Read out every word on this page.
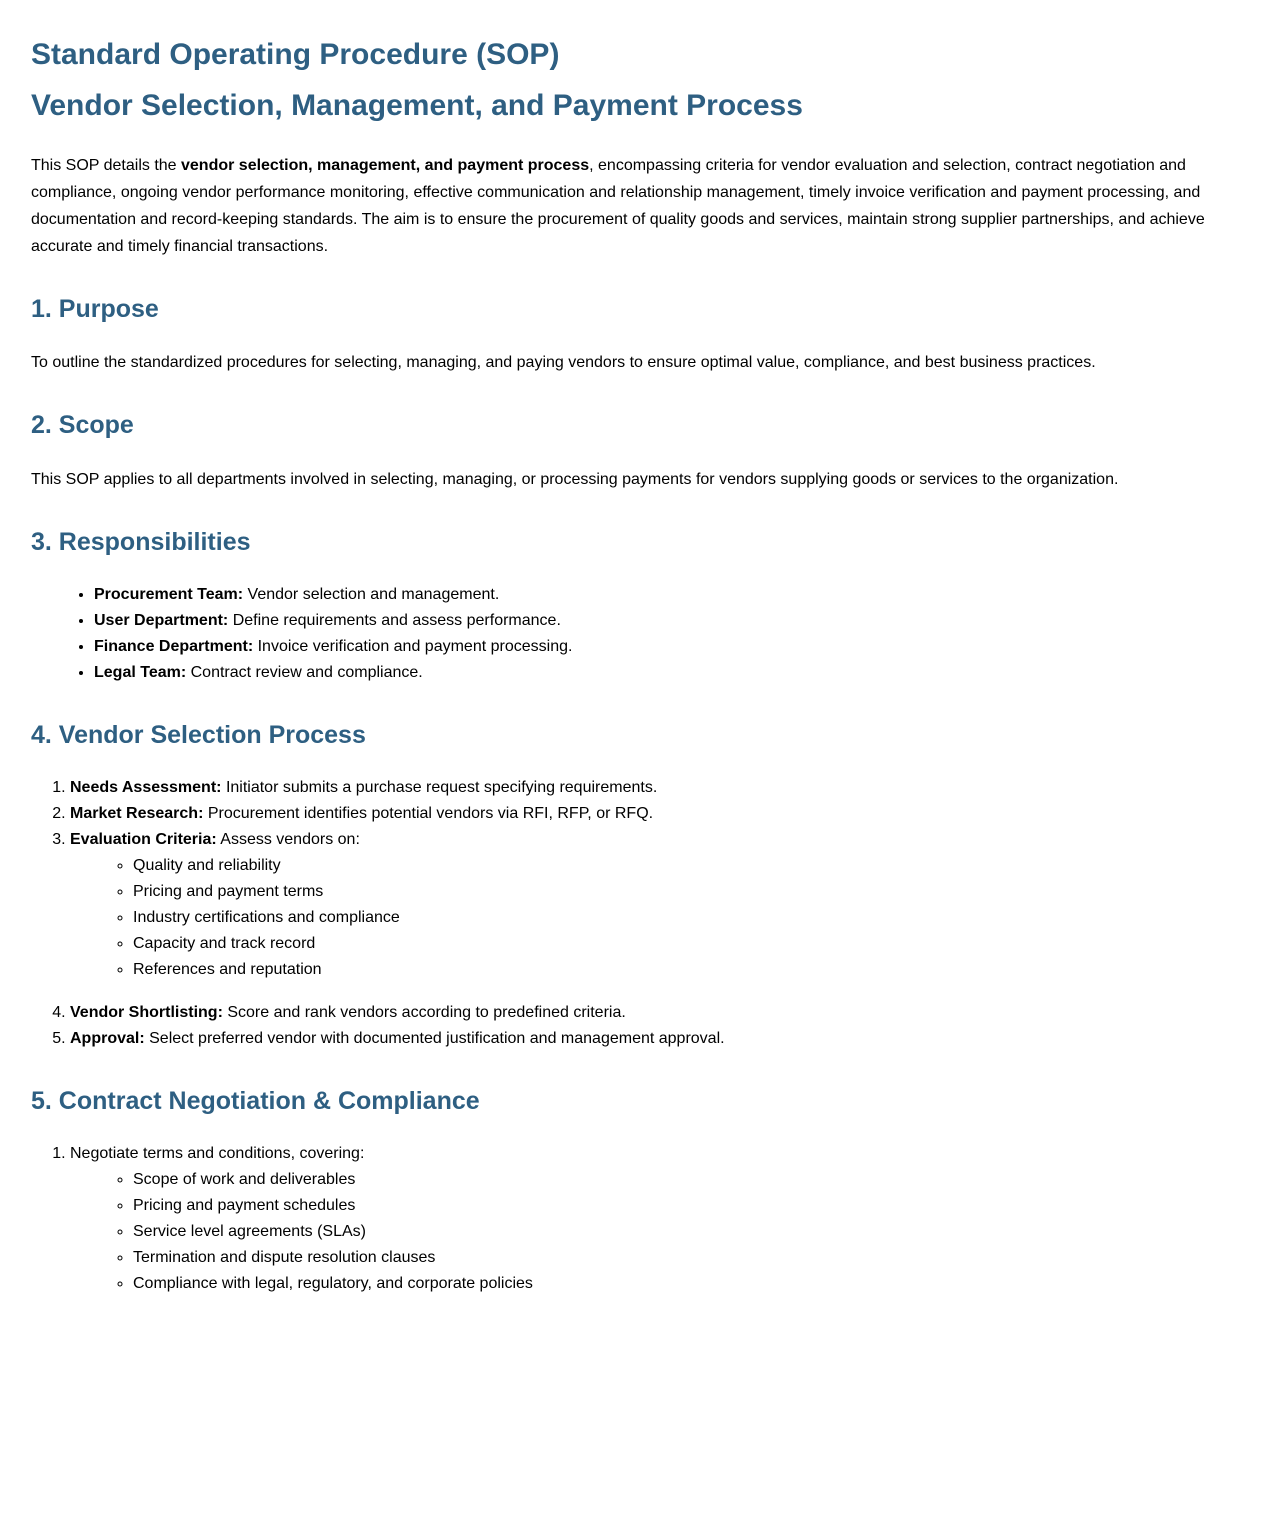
Standard Operating Procedure (SOP)
Vendor Selection, Management, and Payment Process

This SOP details the vendor selection, management, and payment process, encompassing criteria for vendor evaluation and selection, contract negotiation and compliance, ongoing vendor performance monitoring, effective communication and relationship management, timely invoice verification and payment processing, and documentation and record-keeping standards. The aim is to ensure the procurement of quality goods and services, maintain strong supplier partnerships, and achieve accurate and timely financial transactions.

1. Purpose

To outline the standardized procedures for selecting, managing, and paying vendors to ensure optimal value, compliance, and best business practices.

2. Scope

This SOP applies to all departments involved in selecting, managing, or processing payments for vendors supplying goods or services to the organization.

3. Responsibilities
• Procurement Team: Vendor selection and management.
• User Department: Define requirements and assess performance.
• Finance Department: Invoice verification and payment processing.
• Legal Team: Contract review and compliance.
4. Vendor Selection Process
1. Needs Assessment: Initiator submits a purchase request specifying requirements.
2. Market Research: Procurement identifies potential vendors via RFI, RFP, or RFQ.
3. Evaluation Criteria: Assess vendors on:
◦ Quality and reliability
◦ Pricing and payment terms
◦ Industry certifications and compliance
◦ Capacity and track record
◦ References and reputation
4. Vendor Shortlisting: Score and rank vendors according to predefined criteria.
5. Approval: Select preferred vendor with documented justification and management approval.
5. Contract Negotiation & Compliance
1. Negotiate terms and conditions, covering:
◦ Scope of work and deliverables
◦ Pricing and payment schedules
◦ Service level agreements (SLAs)
◦ Termination and dispute resolution clauses
◦ Compliance with legal, regulatory, and corporate policies
